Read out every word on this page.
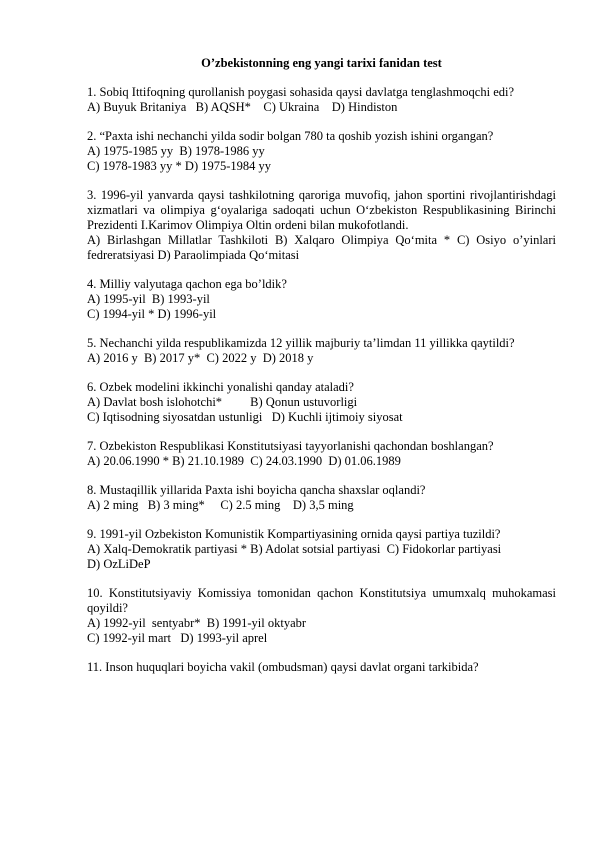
O’zbekistonning eng yangi tarixi fanidan test
1. Sobiq Ittifoqning qurollanish poygasi sohasida qaysi davlatga tenglashmoqchi edi?
A) Buyuk Britaniya   B) AQSH*    C) Ukraina    D) Hindiston
2. “Paxta ishi nechanchi yilda sodir bolgan 780 ta qoshib yozish ishini organgan?
A) 1975-1985 yy  B) 1978-1986 yy
C) 1978-1983 yy * D) 1975-1984 yy
3. 1996-yil yanvarda qaysi tashkilotning qaroriga muvofiq, jahon sportini rivojlantirishdagi xizmatlari va olimpiya g‘oyalariga sadoqati uchun O‘zbekiston Respublikasining Birinchi Prezidenti I.Karimov Olimpiya Oltin ordeni bilan mukofotlandi.
A) Birlashgan Millatlar Tashkiloti B) Xalqaro Olimpiya Qo‘mita * C) Osiyo o’yinlari fedreratsiyasi D) Paraolimpiada Qo‘mitasi
4. Milliy valyutaga qachon ega bo’ldik?
A) 1995-yil  B) 1993-yil
C) 1994-yil * D) 1996-yil
5. Nechanchi yilda respublikamizda 12 yillik majburiy ta’limdan 11 yillikka qaytildi?
A) 2016 y  B) 2017 y*  C) 2022 y  D) 2018 y
6. Ozbek modelini ikkinchi yonalishi qanday ataladi?
A) Davlat bosh islohotchi*         B) Qonun ustuvorligi
C) Iqtisodning siyosatdan ustunligi   D) Kuchli ijtimoiy siyosat
7. Ozbekiston Respublikasi Konstitutsiyasi tayyorlanishi qachondan boshlangan?
A) 20.06.1990 * B) 21.10.1989  C) 24.03.1990  D) 01.06.1989
8. Mustaqillik yillarida Paxta ishi boyicha qancha shaxslar oqlandi?
A) 2 ming   B) 3 ming*     C) 2.5 ming    D) 3,5 ming
9. 1991-yil Ozbekiston Komunistik Kompartiyasining ornida qaysi partiya tuzildi?
A) Xalq-Demokratik partiyasi * B) Adolat sotsial partiyasi  C) Fidokorlar partiyasi
D) OzLiDeP
10. Konstitutsiyaviy Komissiya tomonidan qachon Konstitutsiya umumxalq muhokamasi qoyildi?
A) 1992-yil  sentyabr*  B) 1991-yil oktyabr
C) 1992-yil mart   D) 1993-yil aprel
11. Inson huquqlari boyicha vakil (ombudsman) qaysi davlat organi tarkibida?
